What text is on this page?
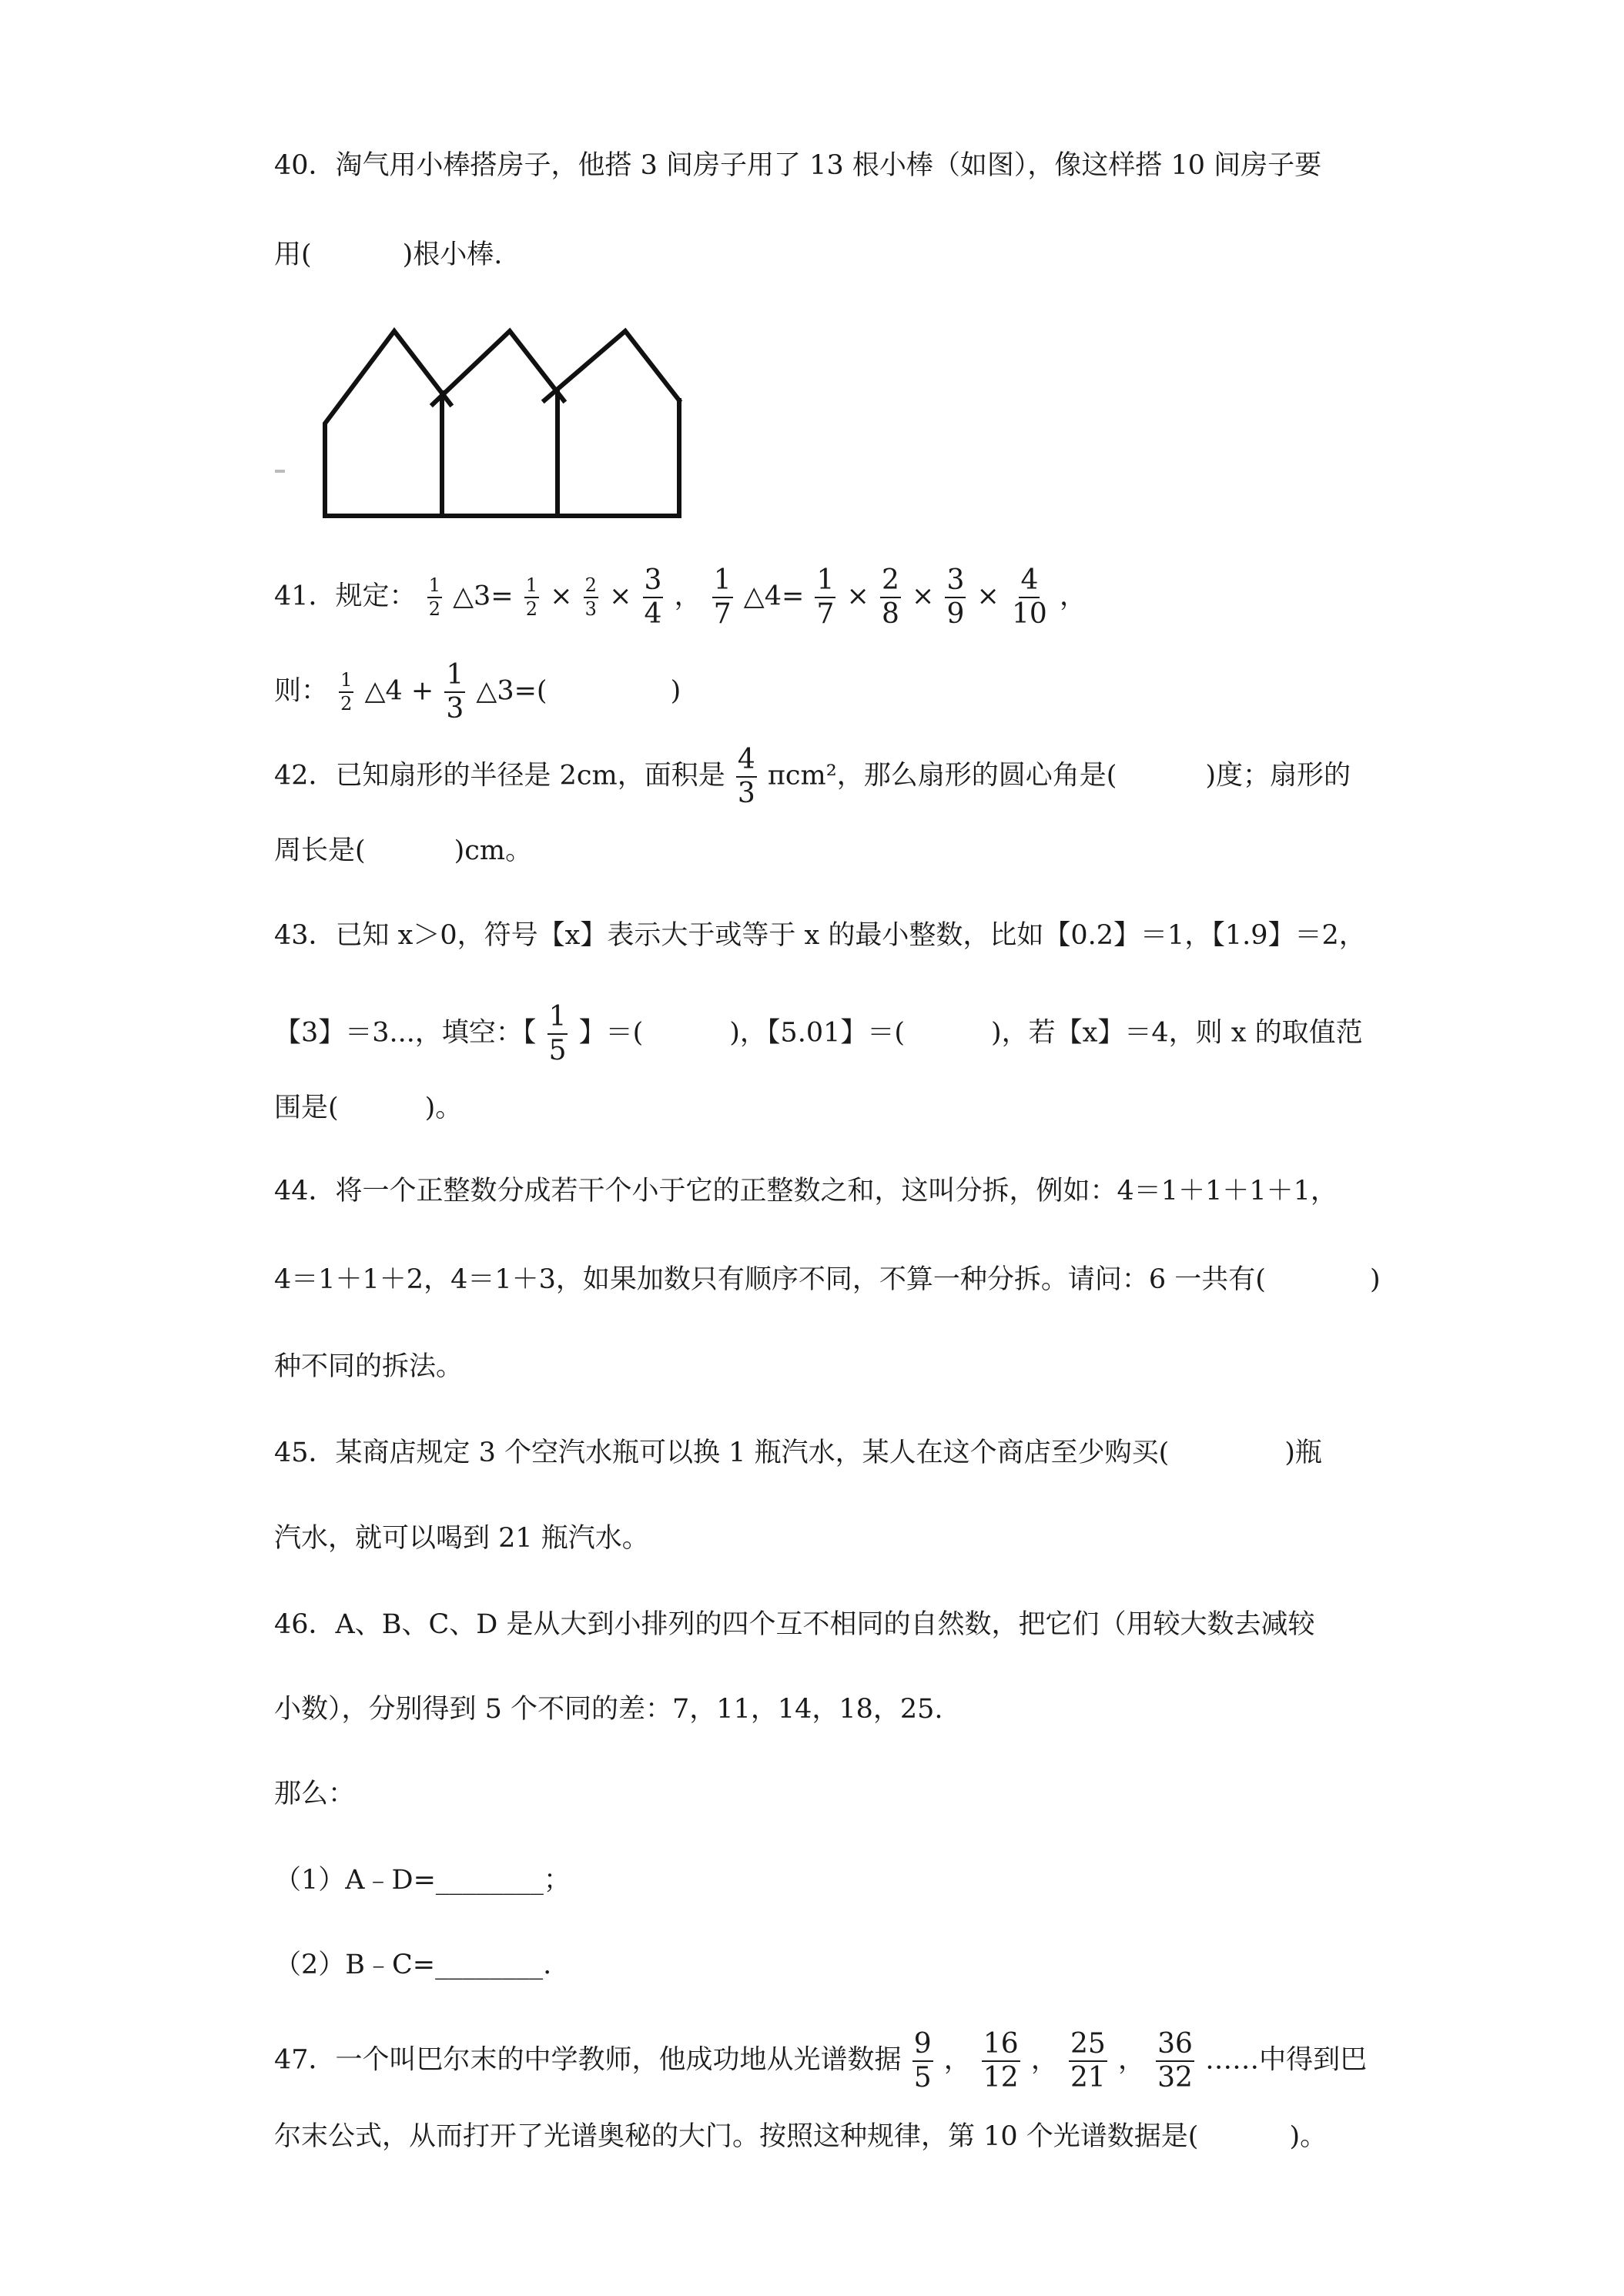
40．淘气用小棒搭房子，他搭 3 间房子用了 13 根小棒（如图），像这样搭 10 间房子要
用(	)根小棒.
41．规定： $\frac{1}{2}$ △3= $\frac{1}{2} \times \frac{2}{3} \times \frac{3}{4}$ ， $\frac{1}{7}$ △4= $\frac{1}{7} \times \frac{2}{8} \times \frac{3}{9} \times \frac{4}{10}$ ，
则： $\frac{1}{2}$ △4 + $\frac{1}{3}$ △3=(	)
42．已知扇形的半径是 2cm，面积是 $\frac{4}{3} \pi cm^2$，那么扇形的圆心角是(	)度；扇形的
周长是(	)cm。
43．已知 x＞0，符号【x】表示大于或等于 x 的最小整数，比如【0.2】＝1，【1.9】＝2，
【3】＝3...，填空：【 $\frac{1}{5}$ 】＝(	)，【5.01】＝(	)，若【x】＝4，则 x 的取值范
围是(	)。
44．将一个正整数分成若干个小于它的正整数之和，这叫分拆，例如：4＝1＋1＋1＋1，
4＝1＋1＋2，4＝1＋3，如果加数只有顺序不同，不算一种分拆。请问：6 一共有(	)
种不同的拆法。
45．某商店规定 3 个空汽水瓶可以换 1 瓶汽水，某人在这个商店至少购买(	)瓶
汽水，就可以喝到 21 瓶汽水。
46．A、B、C、D 是从大到小排列的四个互不相同的自然数，把它们（用较大数去减较
小数），分别得到 5 个不同的差：7，11，14，18，25.
那么：
（1）A﹣D=________；
（2）B﹣C=________.
47．一个叫巴尔末的中学教师，他成功地从光谱数据 $\frac{9}{5}$ ， $\frac{16}{12}$ ， $\frac{25}{21}$ ， $\frac{36}{32}$ ……中得到巴
尔末公式，从而打开了光谱奥秘的大门。按照这种规律，第 10 个光谱数据是(	)。
